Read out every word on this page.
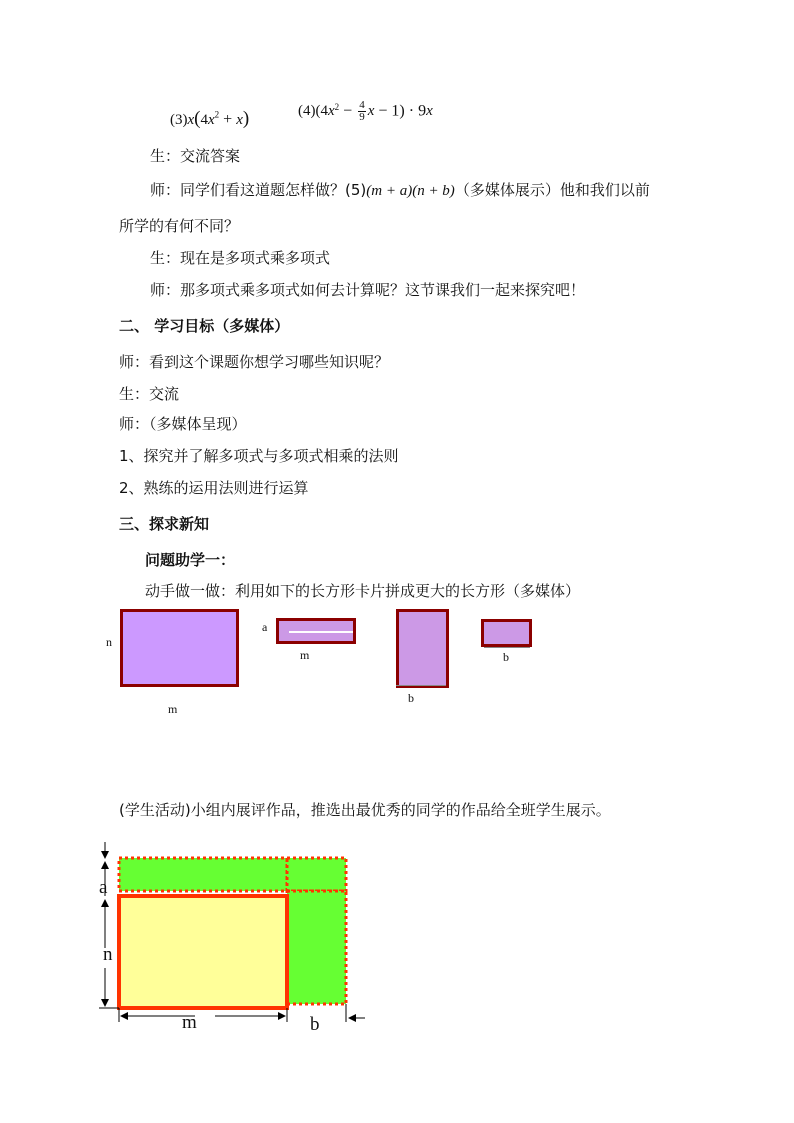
$(3)x(4x^2 + x)$	$(4)(4x^2 - \frac{4}{9}$ x − 1) · 9x
生：交流答案
师：同学们看这道题怎样做？(5)(m + a)(n + b)（多媒体展示）他和我们以前
所学的有何不同？
生：现在是多项式乘多项式
师：那多项式乘多项式如何去计算呢？这节课我们一起来探究吧！
二、 学习目标（多媒体）
师：看到这个课题你想学习哪些知识呢？
生：交流
师：（多媒体呈现）
1、探究并了解多项式与多项式相乘的法则
2、熟练的运用法则进行运算
三、探求新知
问题助学一：
动手做一做：利用如下的长方形卡片拼成更大的长方形（多媒体）
n
m
a
m
b
b
(学生活动)小组内展评作品，推选出最优秀的同学的作品给全班学生展示。
a
n
m	b
